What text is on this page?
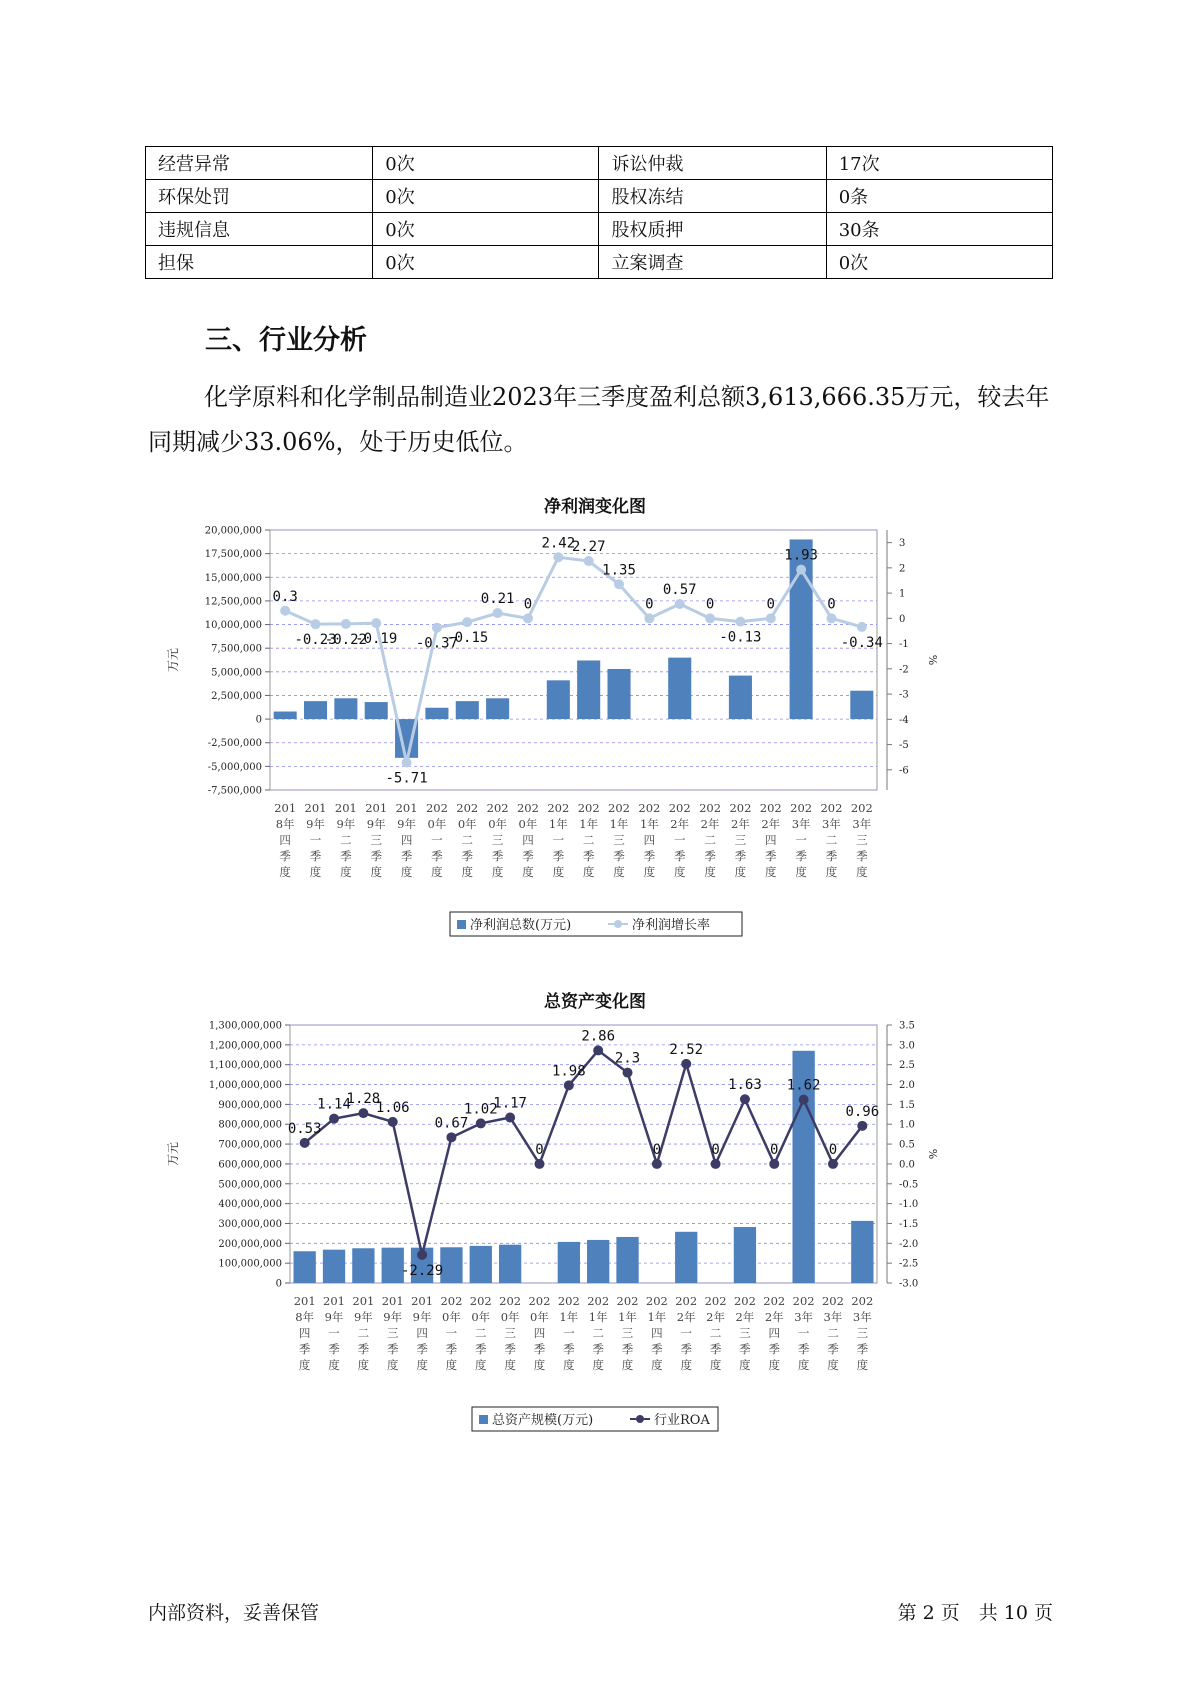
经营异常	0次	诉讼仲裁	17次
环保处罚	0次	股权冻结	0条
违规信息	0次	股权质押	30条
担保	0次	立案调查	0次
三、行业分析

化学原料和化学制品制造业2023年三季度盈利总额3,613,666.35万元，较去年同期减少33.06%，处于历史低位。

净利润变化图
20,000,000
17,500,000
15,000,000
12,500,000
10,000,000
7,500,000
5,000,000
2,500,000
0
-2,500,000
-5,000,000
-7,500,000
3
2
1
0
-1
-2
-3
-4
-5
-6
万元	%
0.3
-0.23
-0.22
-0.19
-5.71
-0.37
-0.15
0.21 0
2.42
2.27
1.35
0
0.57
0
-0.13
0
1.93
0
-0.34
201
8年
四
季
度
201
9年
一
季
度
201
9年
二
季
度
201
9年
三
季
度
201
9年
四
季
度
202
0年
一
季
度
202
0年
二
季
度
202
0年
三
季
度
202
0年
四
季
度
202
1年
一
季
度
202
1年
二
季
度
202
1年
三
季
度
202
1年
四
季
度
202
2年
一
季
度
202
2年
二
季
度
202
2年
三
季
度
202
2年
四
季
度
202
3年
一
季
度
202
3年
二
季
度
202
3年
三
季
度
净利润总数(万元)	净利润增长率
总资产变化图
1,300,000,000
1,200,000,000
1,100,000,000
1,000,000,000
900,000,000
800,000,000
700,000,000
600,000,000
500,000,000
400,000,000
300,000,000
200,000,000
100,000,000
0
3.5
3.0
2.5
2.0
1.5
1.0
0.5
0.0
-0.5
-1.0
-1.5
-2.0
-2.5
-3.0
万元	%
0.53
1.14
1.28
1.06
-2.29
0.67
1.02
1.17
0
1.98
2.86
2.3
0
2.52
0
1.63
0
1.62
0
0.96
201
8年
四
季
度
201
9年
一
季
度
201
9年
二
季
度
201
9年
三
季
度
201
9年
四
季
度
202
0年
一
季
度
202
0年
二
季
度
202
0年
三
季
度
202
0年
四
季
度
202
1年
一
季
度
202
1年
二
季
度
202
1年
三
季
度
202
1年
四
季
度
202
2年
一
季
度
202
2年
二
季
度
202
2年
三
季
度
202
2年
四
季
度
202
3年
一
季
度
202
3年
二
季
度
202
3年
三
季
度
总资产规模(万元)	行业ROA
内部资料，妥善保管	第 2 页　共 10 页
